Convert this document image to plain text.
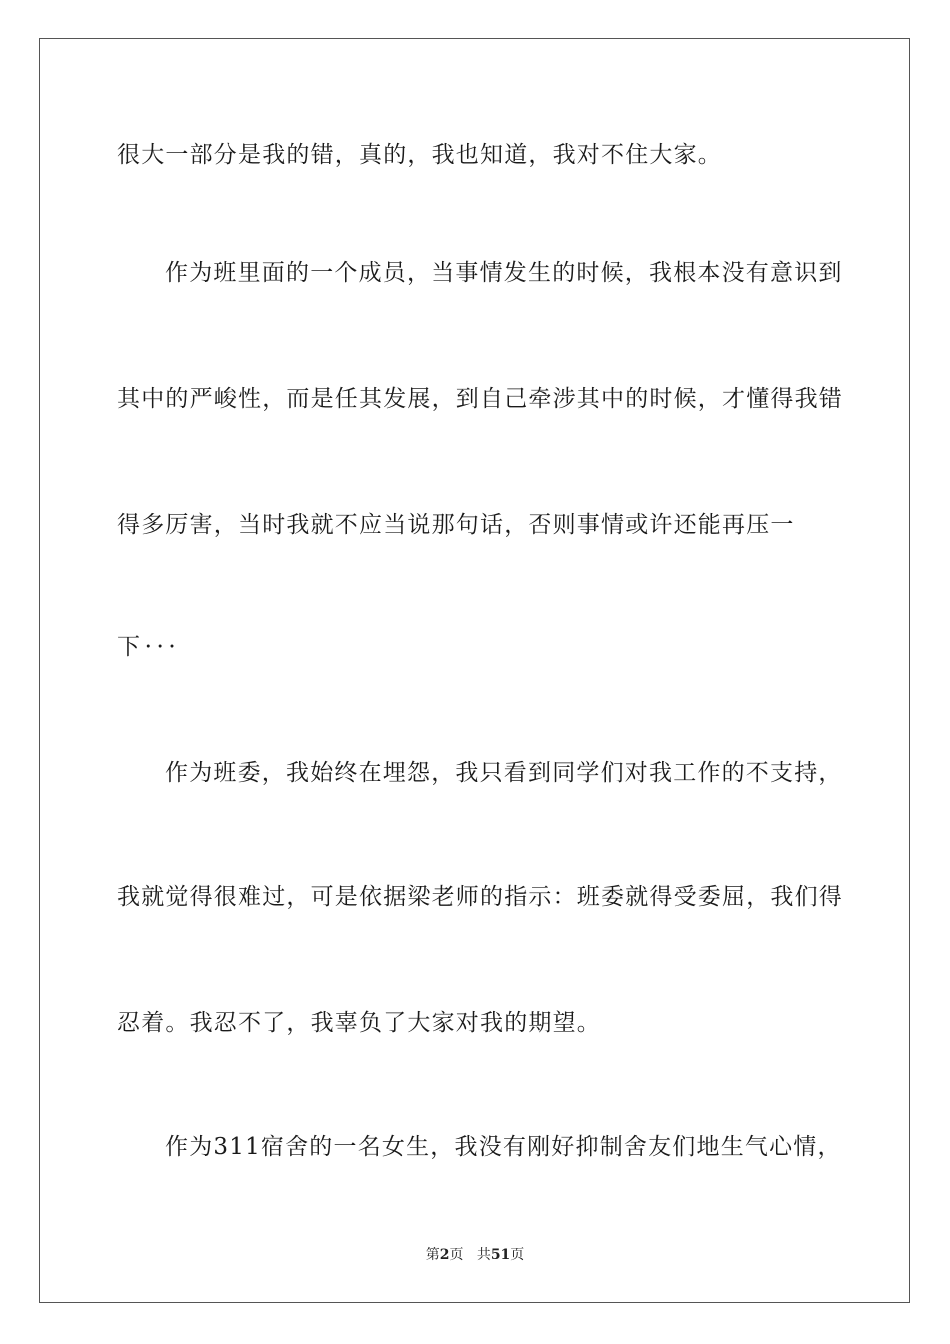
很大一部分是我的错，真的，我也知道，我对不住大家。
作为班里面的一个成员，当事情发生的时候，我根本没有意识到
其中的严峻性，而是任其发展，到自己牵涉其中的时候，才懂得我错
得多厉害，当时我就不应当说那句话，否则事情或许还能再压一
下···
作为班委，我始终在埋怨，我只看到同学们对我工作的不支持，
我就觉得很难过，可是依据梁老师的指示：班委就得受委屈，我们得
忍着。我忍不了，我辜负了大家对我的期望。
作为311宿舍的一名女生，我没有刚好抑制舍友们地生气心情，
第2页 共51页
